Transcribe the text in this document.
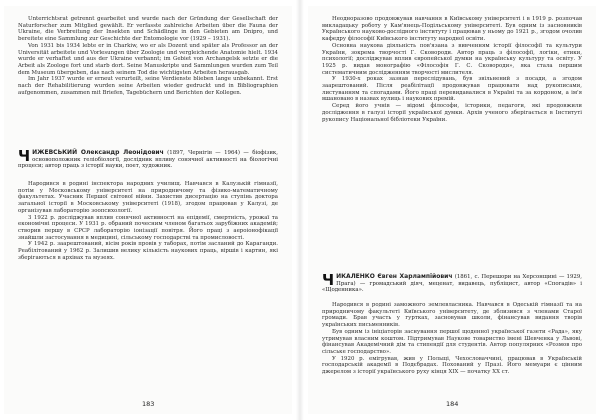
Unterrichtsrat getrennt gearbeitet und wurde nach der Gründung der Gesellschaft der Naturforscher zum Mitglied gewählt. Er verfasste zahlreiche Arbeiten über die Fauna der Ukraine, die Verbreitung der Insekten und Schädlinge in den Gebieten am Dnipro, und bereitete eine Sammlung zur Geschichte der Entomologie vor (1929 – 1931).

Von 1931 bis 1934 lebte er in Charkiw, wo er als Dozent und später als Professor an der Universität arbeitete und Vorlesungen über Zoologie und vergleichende Anatomie hielt. 1934 wurde er verhaftet und aus der Ukraine verbannt; im Gebiet von Archangelsk setzte er die Arbeit als Zoologe fort und starb dort. Seine Manuskripte und Sammlungen wurden zum Teil dem Museum übergeben, das nach seinem Tod die wichtigsten Arbeiten herausgab.

Im Jahr 1937 wurde er erneut verurteilt, seine Verdienste blieben lange unbekannt. Erst nach der Rehabilitierung wurden seine Arbeiten wieder gedruckt und in Bibliographien aufgenommen, zusammen mit Briefen, Tagebüchern und Berichten der Kollegen.

Ч ИЖЕВСЬКИЙ Олександр Леонідович (1897, Чернігів — 1964) — біофізик, основоположник геліобіології, дослідник впливу сонячної активності на біологічні процеси; автор праць з історії науки, поет, художник.

Народився в родині інспектора народних училищ. Навчався в Калузькій гімназії, потім у Московському університеті на природничому та фізико-математичному факультетах. Учасник Першої світової війни. Захистив дисертацію на ступінь доктора загальної історії в Московському університеті (1918), згодом працював у Калузі, де організував лабораторію зоопсихології.

З 1922 р. досліджував вплив сонячної активності на епідемії, смертність, урожаї та економічні процеси. У 1931 р. обраний почесним членом багатьох зарубіжних академій; створив першу в СРСР лабораторію іонізації повітря. Його праці з аероіонофікації знайшли застосування в медицині, сільському господарстві та промисловості.

У 1942 р. заарештований, вісім років провів у таборах, потім засланий до Караганди. Реабілітований у 1962 р. Залишив велику кількість наукових праць, віршів і картин, які зберігаються в архівах та музеях.

183

Неодноразово продовжував навчання в Київському університеті і в 1919 р. розпочав викладацьку роботу у Кам'янець-Подільському університеті. Був одним із засновників Українського науково-дослідного інституту і працював у ньому до 1921 р., згодом очолив кафедру філософії Київського інституту народної освіти.

Основна наукова діяльність пов'язана з вивченням історії філософії та культури України, зокрема творчості Г. Сковороди. Автор праць з філософії, логіки, етики, психології; досліджував вплив європейської думки на українську культуру та освіту. У 1925 р. видав монографію «Філософія Г. С. Сковороди», яка стала першим систематичним дослідженням творчості мислителя.

У 1930-х роках зазнав переслідувань, був звільнений з посади, а згодом заарештований. Після реабілітації продовжував працювати над рукописами, листуванням та спогадами. Його праці перевидавалися в Україні та за кордоном, а ім'я вшановано в назвах вулиць і наукових премій.

Серед його учнів — відомі філософи, історики, педагоги, які продовжили дослідження в галузі історії української думки. Архів ученого зберігається в Інституті рукопису Національної бібліотеки України.

Ч ИКАЛЕНКО Євген Харлампійович (1861, с. Перешори на Херсонщині — 1929, Прага) — громадський діяч, меценат, видавець, публіцист, автор «Спогадів» і «Щоденника».

Народився в родині заможного землевласника. Навчався в Одеській гімназії та на природничому факультеті Київського університету, де зблизився з членами Старої громади. Брав участь у гуртках, засновував школи, фінансував видання творів українських письменників.

Був одним із ініціаторів заснування першої щоденної української газети «Рада», яку утримував власним коштом. Підтримував Наукове товариство імені Шевченка у Львові, фінансував Академічний дім та стипендії для студентів. Автор популярних «Розмов про сільське господарство».

У 1920 р. емігрував, жив у Польщі, Чехословаччині, працював в Українській господарській академії в Подєбрадах. Похований у Празі. Його мемуари є цінним джерелом з історії українського руху кінця XIX — початку XX ст.

184
